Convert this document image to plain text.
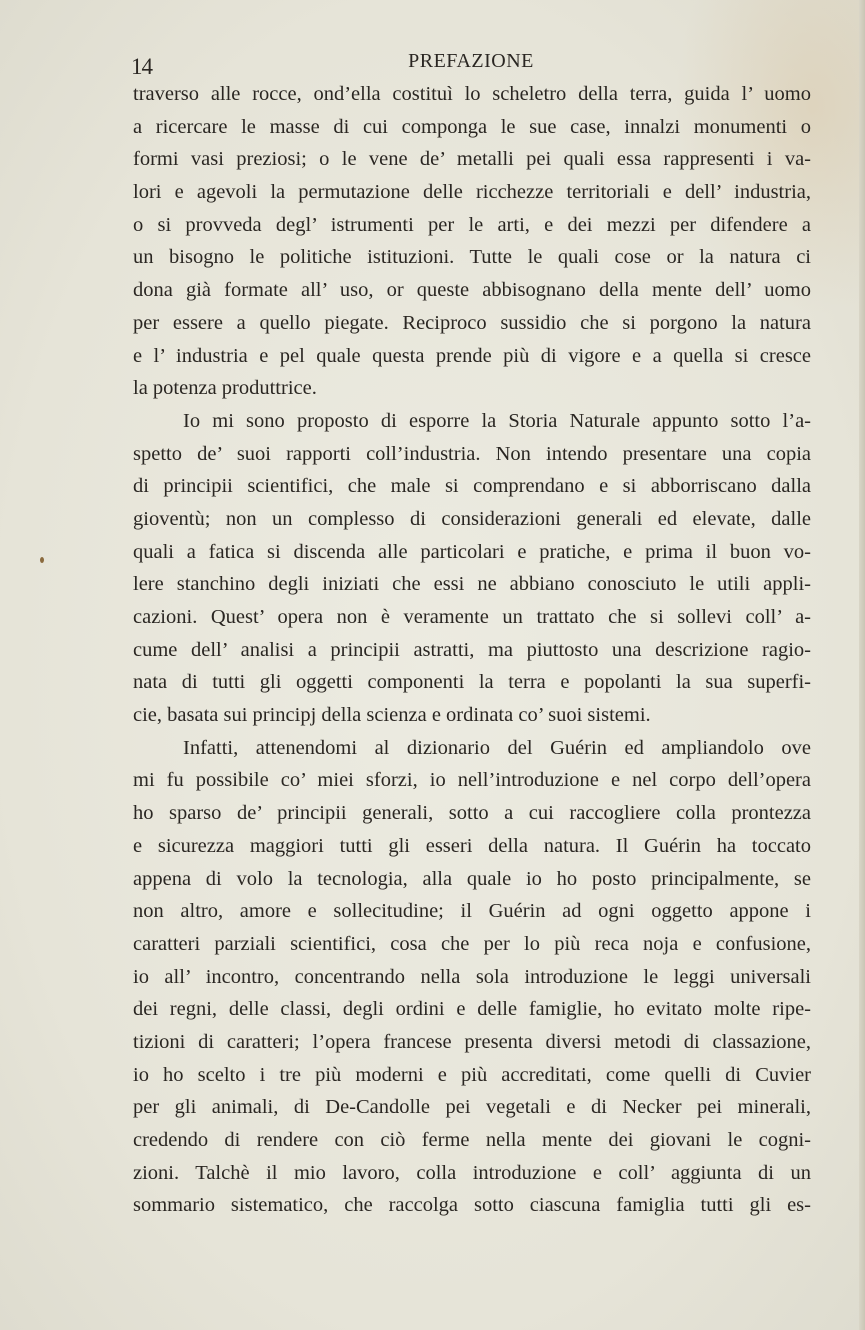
14	PREFAZIONE
traverso alle rocce, ond’ella costituì lo scheletro della terra, guida l’ uomo
a ricercare le masse di cui componga le sue case, innalzi monumenti o
formi vasi preziosi; o le vene de’ metalli pei quali essa rappresenti i va-
lori e agevoli la permutazione delle ricchezze territoriali e dell’ industria,
o si provveda degl’ istrumenti per le arti, e dei mezzi per difendere a
un bisogno le politiche istituzioni. Tutte le quali cose or la natura ci
dona già formate all’ uso, or queste abbisognano della mente dell’ uomo
per essere a quello piegate. Reciproco sussidio che si porgono la natura
e l’ industria e pel quale questa prende più di vigore e a quella si cresce
la potenza produttrice.
Io mi sono proposto di esporre la Storia Naturale appunto sotto l’a-
spetto de’ suoi rapporti coll’industria. Non intendo presentare una copia
di principii scientifici, che male si comprendano e si abborriscano dalla
gioventù; non un complesso di considerazioni generali ed elevate, dalle
quali a fatica si discenda alle particolari e pratiche, e prima il buon vo-
lere stanchino degli iniziati che essi ne abbiano conosciuto le utili appli-
cazioni. Quest’ opera non è veramente un trattato che si sollevi coll’ a-
cume dell’ analisi a principii astratti, ma piuttosto una descrizione ragio-
nata di tutti gli oggetti componenti la terra e popolanti la sua superfi-
cie, basata sui principj della scienza e ordinata co’ suoi sistemi.
Infatti, attenendomi al dizionario del Guérin ed ampliandolo ove
mi fu possibile co’ miei sforzi, io nell’introduzione e nel corpo dell’opera
ho sparso de’ principii generali, sotto a cui raccogliere colla prontezza
e sicurezza maggiori tutti gli esseri della natura. Il Guérin ha toccato
appena di volo la tecnologia, alla quale io ho posto principalmente, se
non altro, amore e sollecitudine; il Guérin ad ogni oggetto appone i
caratteri parziali scientifici, cosa che per lo più reca noja e confusione,
io all’ incontro, concentrando nella sola introduzione le leggi universali
dei regni, delle classi, degli ordini e delle famiglie, ho evitato molte ripe-
tizioni di caratteri; l’opera francese presenta diversi metodi di classazione,
io ho scelto i tre più moderni e più accreditati, come quelli di Cuvier
per gli animali, di De-Candolle pei vegetali e di Necker pei minerali,
credendo di rendere con ciò ferme nella mente dei giovani le cogni-
zioni. Talchè il mio lavoro, colla introduzione e coll’ aggiunta di un
sommario sistematico, che raccolga sotto ciascuna famiglia tutti gli es-
